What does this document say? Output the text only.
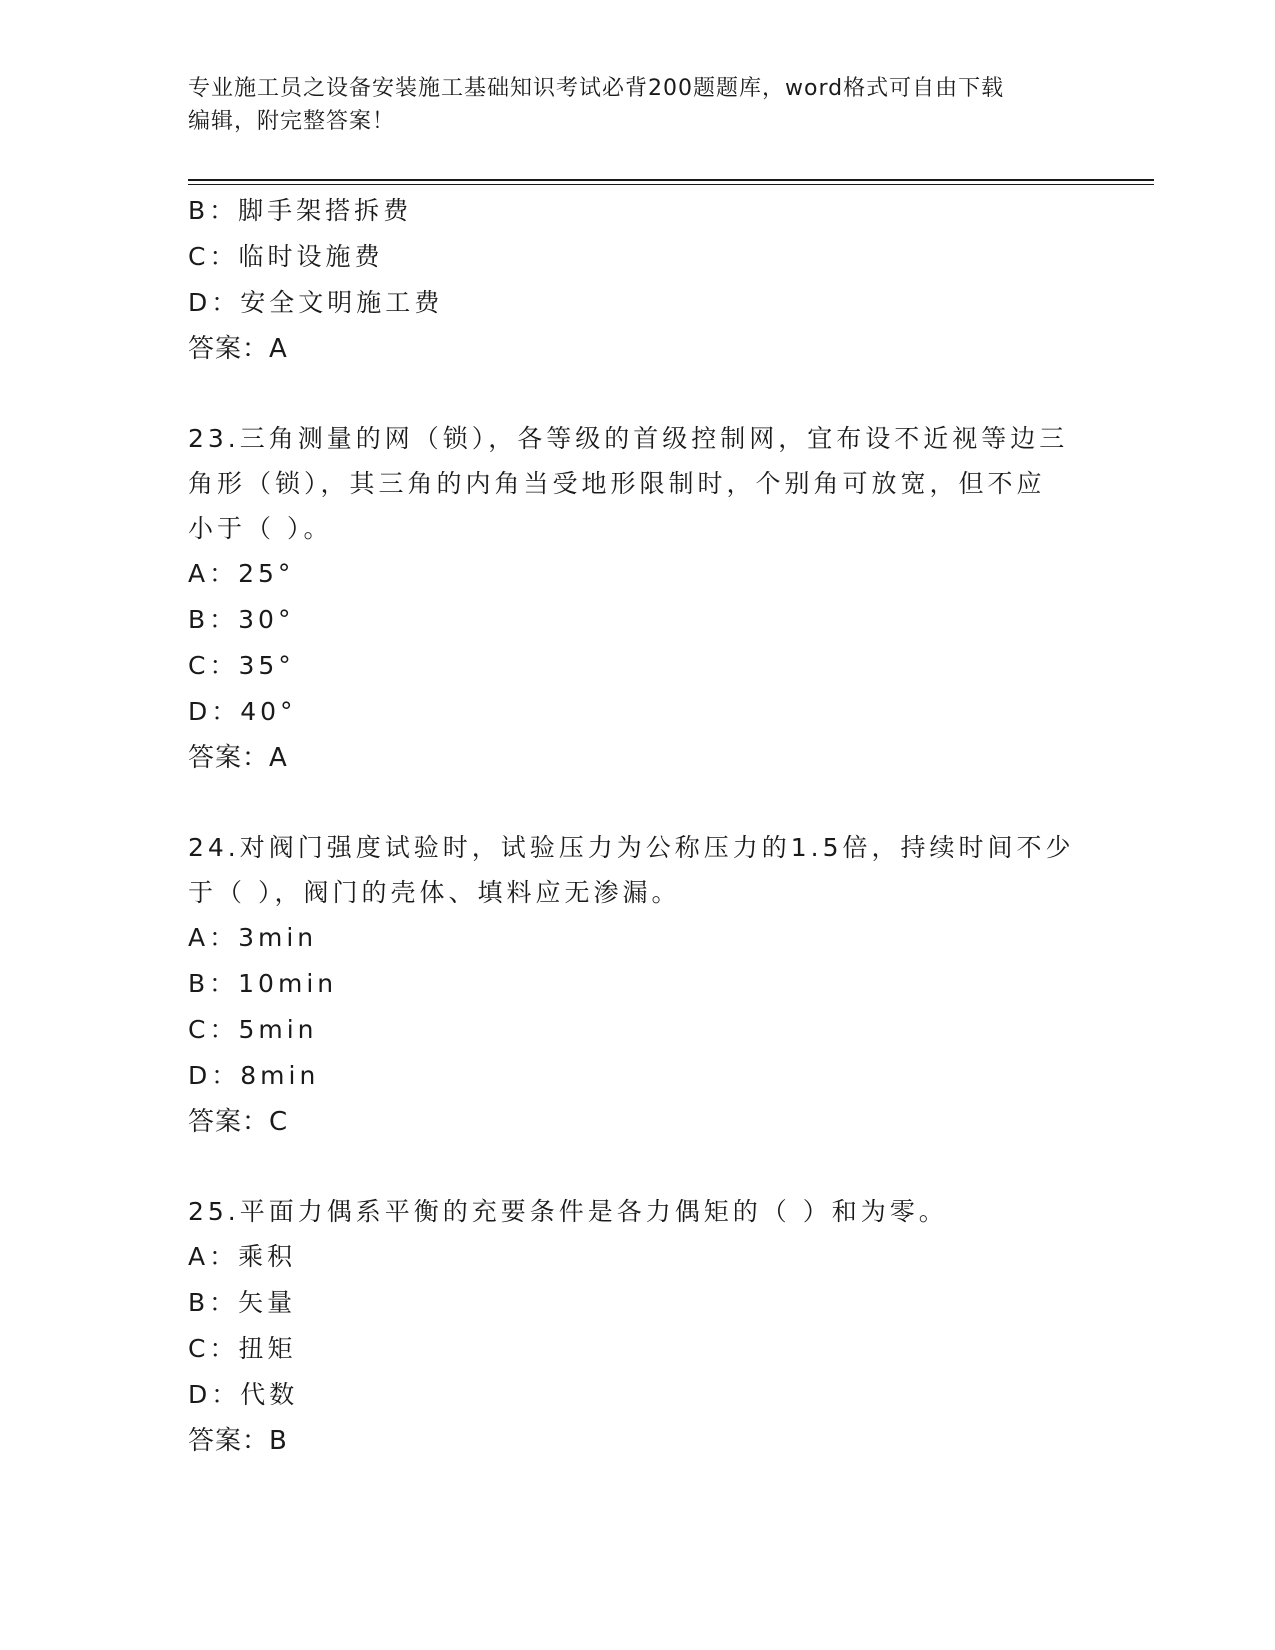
专业施工员之设备安装施工基础知识考试必背200题题库，word格式可自由下载
编辑，附完整答案！
B：脚手架搭拆费
C：临时设施费
D：安全文明施工费
答案：A
23.三角测量的网（锁），各等级的首级控制网，宜布设不近视等边三
角形（锁），其三角的内角当受地形限制时，个别角可放宽，但不应
小于（ ）。
A：25°
B：30°
C：35°
D：40°
答案：A
24.对阀门强度试验时，试验压力为公称压力的1.5倍，持续时间不少
于（ ），阀门的壳体、填料应无渗漏。
A：3min
B：10min
C：5min
D：8min
答案：C
25.平面力偶系平衡的充要条件是各力偶矩的（ ）和为零。
A：乘积
B：矢量
C：扭矩
D：代数
答案：B
